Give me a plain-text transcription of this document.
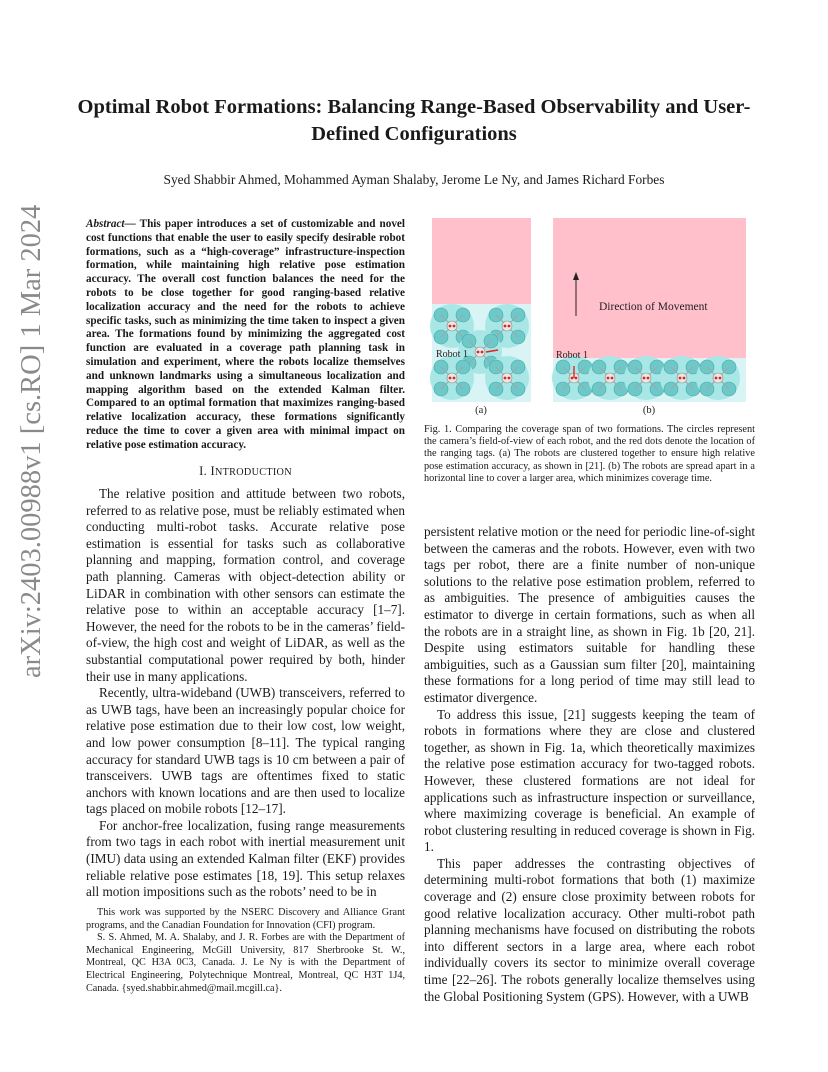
arXiv:2403.00988v1 [cs.RO] 1 Mar 2024
Optimal Robot Formations: Balancing Range-Based Observability and User-Defined Configurations
Syed Shabbir Ahmed, Mohammed Ayman Shalaby, Jerome Le Ny, and James Richard Forbes
Abstract— This paper introduces a set of customizable and novel cost functions that enable the user to easily specify desirable robot formations, such as a “high-coverage” infrastructure-inspection formation, while maintaining high relative pose estimation accuracy. The overall cost function balances the need for the robots to be close together for good ranging-based relative localization accuracy and the need for the robots to achieve specific tasks, such as minimizing the time taken to inspect a given area. The formations found by minimizing the aggregated cost function are evaluated in a coverage path planning task in simulation and experiment, where the robots localize themselves and unknown landmarks using a simultaneous localization and mapping algorithm based on the extended Kalman filter. Compared to an optimal formation that maximizes ranging-based relative localization accuracy, these formations significantly reduce the time to cover a given area with minimal impact on relative pose estimation accuracy.
I. INTRODUCTION

The relative position and attitude between two robots, referred to as relative pose, must be reliably estimated when conducting multi-robot tasks. Accurate relative pose estimation is essential for tasks such as collaborative planning and mapping, formation control, and coverage path planning. Cameras with object-detection ability or LiDAR in combination with other sensors can estimate the relative pose to within an acceptable accuracy [1–7]. However, the need for the robots to be in the cameras’ field-of-view, the high cost and weight of LiDAR, as well as the substantial computational power required by both, hinder their use in many applications.

Recently, ultra-wideband (UWB) transceivers, referred to as UWB tags, have been an increasingly popular choice for relative pose estimation due to their low cost, low weight, and low power consumption [8–11]. The typical ranging accuracy for standard UWB tags is 10 cm between a pair of transceivers. UWB tags are oftentimes fixed to static anchors with known locations and are then used to localize tags placed on mobile robots [12–17].

For anchor-free localization, fusing range measurements from two tags in each robot with inertial measurement unit (IMU) data using an extended Kalman filter (EKF) provides reliable relative pose estimates [18, 19]. This setup relaxes all motion impositions such as the robots’ need to be in

This work was supported by the NSERC Discovery and Alliance Grant programs, and the Canadian Foundation for Innovation (CFI) program.

S. S. Ahmed, M. A. Shalaby, and J. R. Forbes are with the Department of Mechanical Engineering, McGill University, 817 Sherbrooke St. W., Montreal, QC H3A 0C3, Canada. J. Le Ny is with the Department of Electrical Engineering, Polytechnique Montreal, Montreal, QC H3T 1J4, Canada. {syed.shabbir.ahmed@mail.mcgill.ca}.

Robot 1
(a)
Direction of Movement
Robot 1
(b)
Fig. 1. Comparing the coverage span of two formations. The circles represent the camera’s field-of-view of each robot, and the red dots denote the location of the ranging tags. (a) The robots are clustered together to ensure high relative pose estimation accuracy, as shown in [21]. (b) The robots are spread apart in a horizontal line to cover a larger area, which minimizes coverage time.

persistent relative motion or the need for periodic line-of-sight between the cameras and the robots. However, even with two tags per robot, there are a finite number of non-unique solutions to the relative pose estimation problem, referred to as ambiguities. The presence of ambiguities causes the estimator to diverge in certain formations, such as when all the robots are in a straight line, as shown in Fig. 1b [20, 21]. Despite using estimators suitable for handling these ambiguities, such as a Gaussian sum filter [20], maintaining these formations for a long period of time may still lead to estimator divergence.

To address this issue, [21] suggests keeping the team of robots in formations where they are close and clustered together, as shown in Fig. 1a, which theoretically maximizes the relative pose estimation accuracy for two-tagged robots. However, these clustered formations are not ideal for applications such as infrastructure inspection or surveillance, where maximizing coverage is beneficial. An example of robot clustering resulting in reduced coverage is shown in Fig. 1.

This paper addresses the contrasting objectives of determining multi-robot formations that both (1) maximize coverage and (2) ensure close proximity between robots for good relative localization accuracy. Other multi-robot path planning mechanisms have focused on distributing the robots into different sectors in a large area, where each robot individually covers its sector to minimize overall coverage time [22–26]. The robots generally localize themselves using the Global Positioning System (GPS). However, with a UWB
